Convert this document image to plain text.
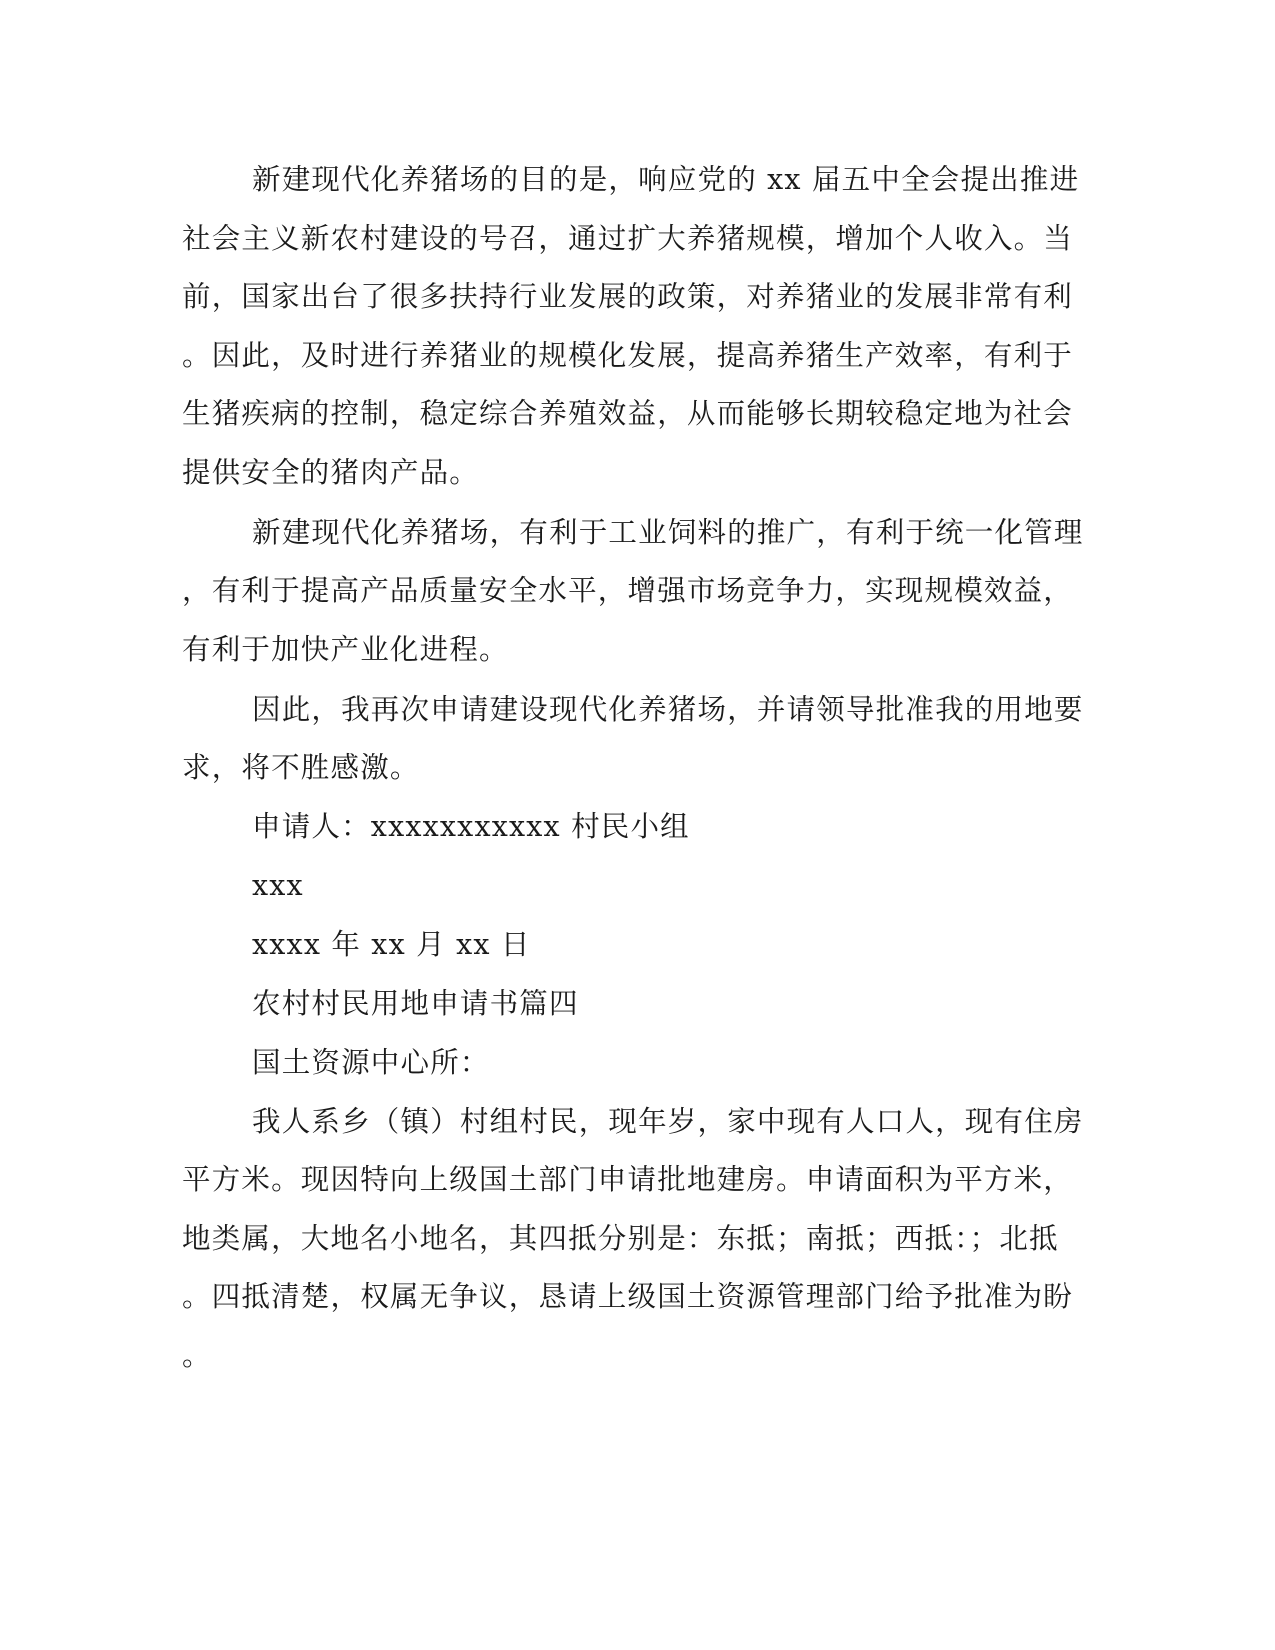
新建现代化养猪场的目的是，响应党的 xx 届五中全会提出推进
社会主义新农村建设的号召，通过扩大养猪规模，增加个人收入。当
前，国家出台了很多扶持行业发展的政策，对养猪业的发展非常有利
。因此，及时进行养猪业的规模化发展，提高养猪生产效率，有利于
生猪疾病的控制，稳定综合养殖效益，从而能够长期较稳定地为社会
提供安全的猪肉产品。
新建现代化养猪场，有利于工业饲料的推广，有利于统一化管理
，有利于提高产品质量安全水平，增强市场竞争力，实现规模效益，
有利于加快产业化进程。
因此，我再次申请建设现代化养猪场，并请领导批准我的用地要
求，将不胜感激。
申请人：xxxxxxxxxxx 村民小组
xxx
xxxx 年 xx 月 xx 日
农村村民用地申请书篇四
国土资源中心所：
我人系乡（镇）村组村民，现年岁，家中现有人口人，现有住房
平方米。现因特向上级国土部门申请批地建房。申请面积为平方米，
地类属，大地名小地名，其四抵分别是：东抵；南抵；西抵：；北抵
。四抵清楚，权属无争议，恳请上级国土资源管理部门给予批准为盼
。
